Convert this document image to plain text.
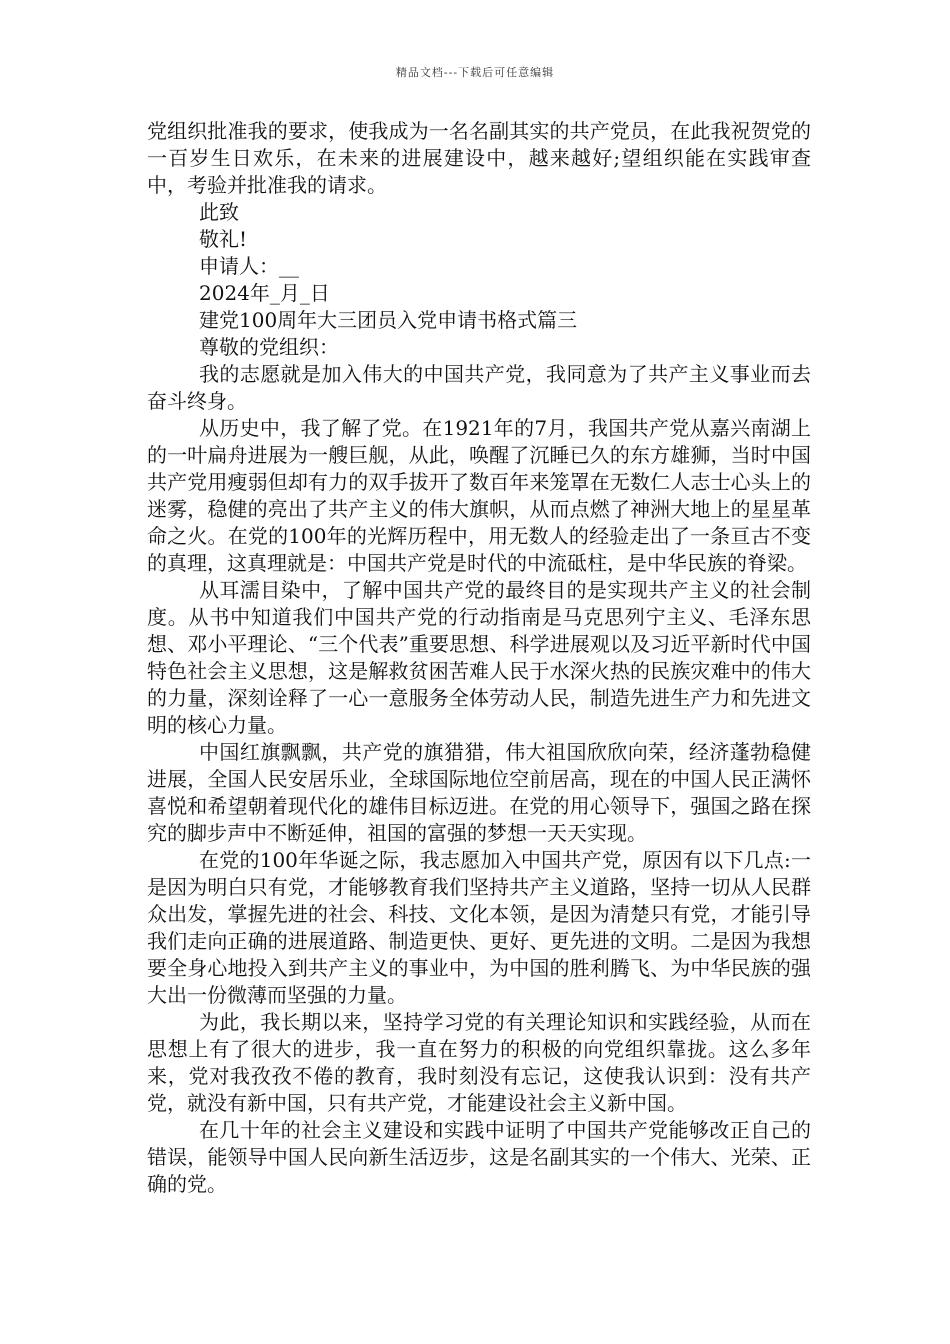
精品文档---下载后可任意编辑

党组织批准我的要求，使我成为一名名副其实的共产党员，在此我祝贺党的一百岁生日欢乐，在未来的进展建设中，越来越好;望组织能在实践审查中，考验并批准我的请求。

此致

敬礼!

申请人：__

2024年_月_日

建党100周年大三团员入党申请书格式篇三

尊敬的党组织：

我的志愿就是加入伟大的中国共产党，我同意为了共产主义事业而去奋斗终身。

从历史中，我了解了党。在1921年的7月，我国共产党从嘉兴南湖上的一叶扁舟进展为一艘巨舰，从此，唤醒了沉睡已久的东方雄狮，当时中国共产党用瘦弱但却有力的双手拔开了数百年来笼罩在无数仁人志士心头上的迷雾，稳健的亮出了共产主义的伟大旗帜，从而点燃了神洲大地上的星星革命之火。在党的100年的光辉历程中，用无数人的经验走出了一条亘古不变的真理，这真理就是：中国共产党是时代的中流砥柱，是中华民族的脊梁。

从耳濡目染中，了解中国共产党的最终目的是实现共产主义的社会制度。从书中知道我们中国共产党的行动指南是马克思列宁主义、毛泽东思想、邓小平理论、“三个代表”重要思想、科学进展观以及习近平新时代中国特色社会主义思想，这是解救贫困苦难人民于水深火热的民族灾难中的伟大的力量，深刻诠释了一心一意服务全体劳动人民，制造先进生产力和先进文明的核心力量。

中国红旗飘飘，共产党的旗猎猎，伟大祖国欣欣向荣，经济蓬勃稳健进展，全国人民安居乐业，全球国际地位空前居高，现在的中国人民正满怀喜悦和希望朝着现代化的雄伟目标迈进。在党的用心领导下，强国之路在探究的脚步声中不断延伸，祖国的富强的梦想一天天实现。

在党的100年华诞之际，我志愿加入中国共产党，原因有以下几点:一是因为明白只有党，才能够教育我们坚持共产主义道路，坚持一切从人民群众出发，掌握先进的社会、科技、文化本领，是因为清楚只有党，才能引导我们走向正确的进展道路、制造更快、更好、更先进的文明。二是因为我想要全身心地投入到共产主义的事业中，为中国的胜利腾飞、为中华民族的强大出一份微薄而坚强的力量。

为此，我长期以来，坚持学习党的有关理论知识和实践经验，从而在思想上有了很大的进步，我一直在努力的积极的向党组织靠拢。这么多年来，党对我孜孜不倦的教育，我时刻没有忘记，这使我认识到：没有共产党，就没有新中国，只有共产党，才能建设社会主义新中国。

在几十年的社会主义建设和实践中证明了中国共产党能够改正自己的错误，能领导中国人民向新生活迈步，这是名副其实的一个伟大、光荣、正确的党。
